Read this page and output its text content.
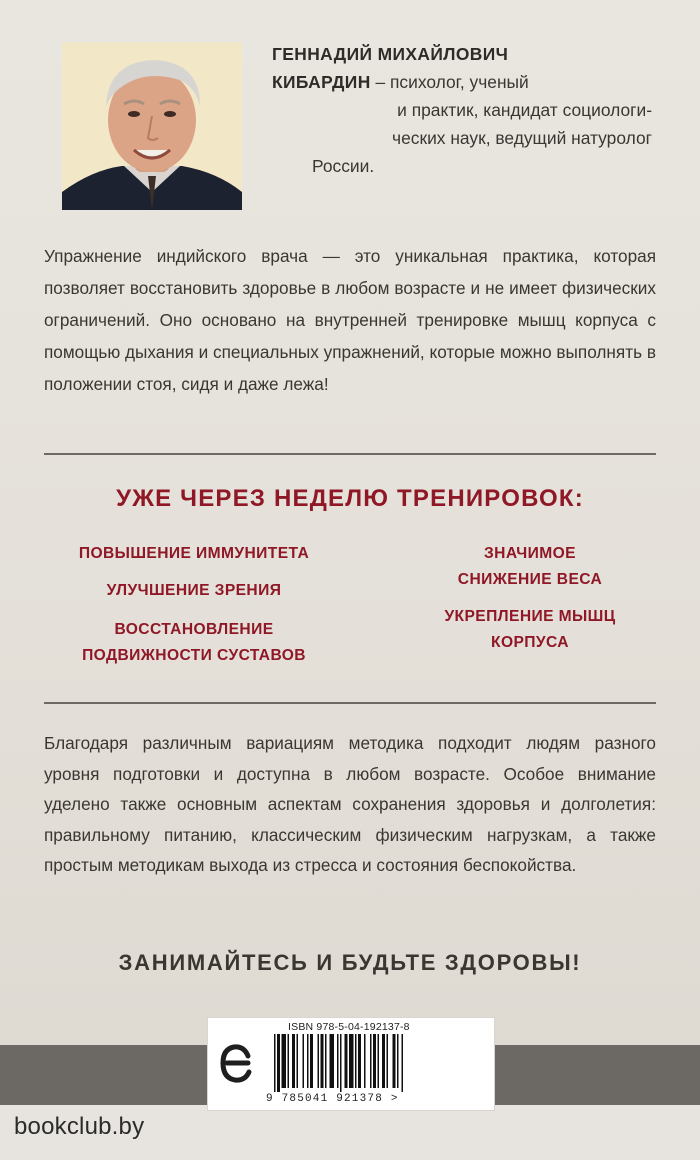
ГЕННАДИЙ МИХАЙЛОВИЧ
КИБАРДИН – психолог, ученый
и практик, кандидат социологи-
ческих наук, ведущий натуролог
России.
Упражнение индийского врача — это уникальная практика, которая позволяет восстановить здоровье в любом возрасте и не имеет физических ограничений. Оно основано на внутренней тренировке мышц корпуса с помощью дыхания и специальных упражнений, которые можно выполнять в положении стоя, сидя и даже лежа!
УЖЕ ЧЕРЕЗ НЕДЕЛЮ ТРЕНИРОВОК:
ПОВЫШЕНИЕ ИММУНИТЕТА
УЛУЧШЕНИЕ ЗРЕНИЯ
ВОССТАНОВЛЕНИЕ
ПОДВИЖНОСТИ СУСТАВОВ
ЗНАЧИМОЕ
СНИЖЕНИЕ ВЕСА
УКРЕПЛЕНИЕ МЫШЦ
КОРПУСА
Благодаря различным вариациям методика подходит людям разного уровня подготовки и доступна в любом возрасте. Особое внимание уделено также основным аспектам сохранения здоровья и долголетия: правильному питанию, классическим физическим нагрузкам, а также простым методикам выхода из стресса и состояния беспокойства.
ЗАНИМАЙТЕСЬ И БУДЬТЕ ЗДОРОВЫ!
ISBN 978-5-04-192137-8
9 785041 921378 >
bookclub.by
